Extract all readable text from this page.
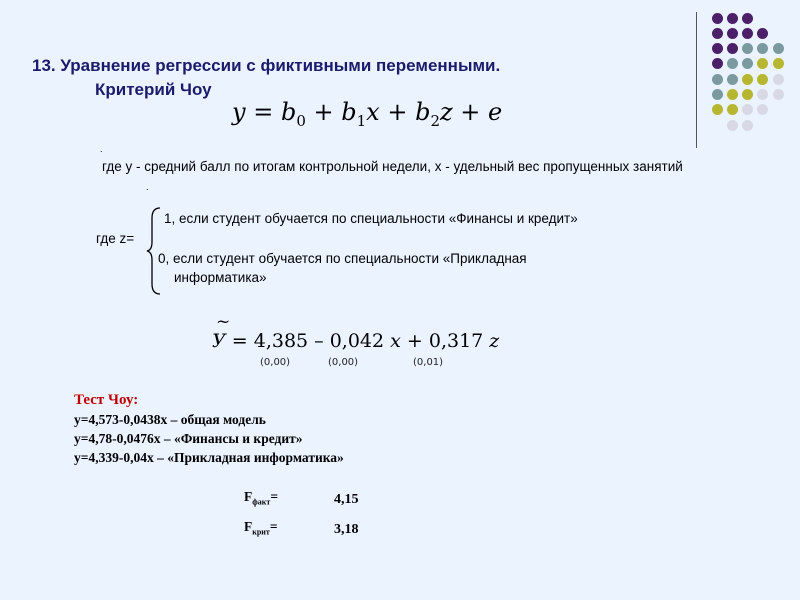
13. Уравнение регрессии с фиктивными переменными.
Критерий Чоу
$y = b_0 + b_1x + b_2z + e$
.
.
где y - средний балл по итогам контрольной недели, x - удельный вес пропущенных занятий
где z=
1, если студент обучается по специальности «Финансы и кредит»
0, если студент обучается по специальности «Прикладная
информатика»
~
У = 4,385 – 0,042 x + 0,317 z
(0,00)	(0,00)	(0,01)
Тест Чоу:
y=4,573-0,0438x – общая модель
y=4,78-0,0476x – «Финансы и кредит»
y=4,339-0,04x – «Прикладная информатика»
$F_{факт}=$	4,15
$F_{крит}=$	3,18
